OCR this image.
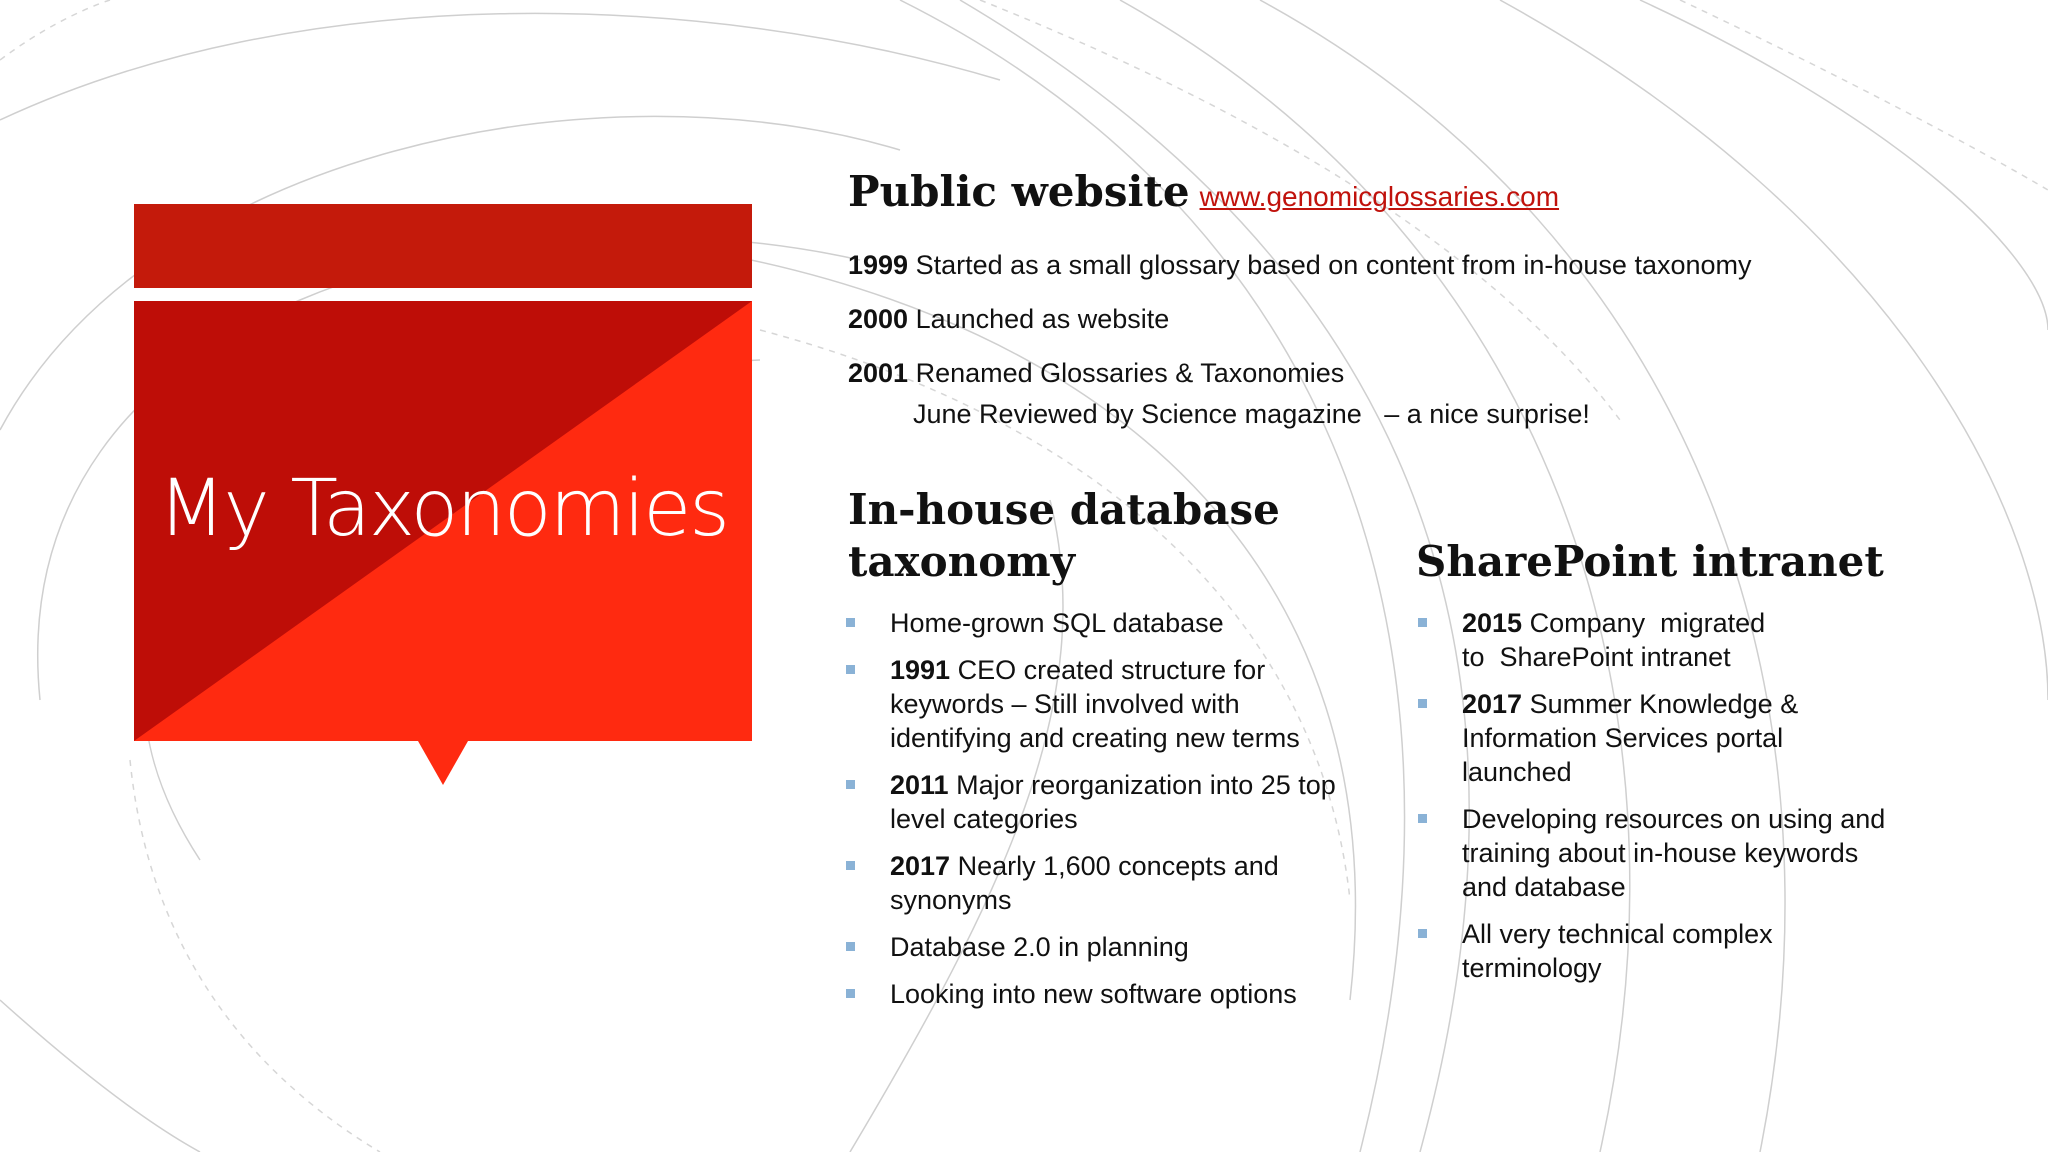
My Taxonomies
Public website www.genomicglossaries.com
1999 Started as a small glossary based on content from in-house taxonomy
2000 Launched as website
2001 Renamed Glossaries & Taxonomies
June Reviewed by Science magazine   – a nice surprise!
In-house database
taxonomy
Home-grown SQL database
1991 CEO created structure for keywords – Still involved with identifying and creating new terms
2011 Major reorganization into 25 top level categories
2017 Nearly 1,600 concepts and synonyms
Database 2.0 in planning
Looking into new software options
SharePoint intranet
2015 Company  migrated to  SharePoint intranet
2017 Summer Knowledge & Information Services portal launched
Developing resources on using and training about in-house keywords and database
All very technical complex terminology
